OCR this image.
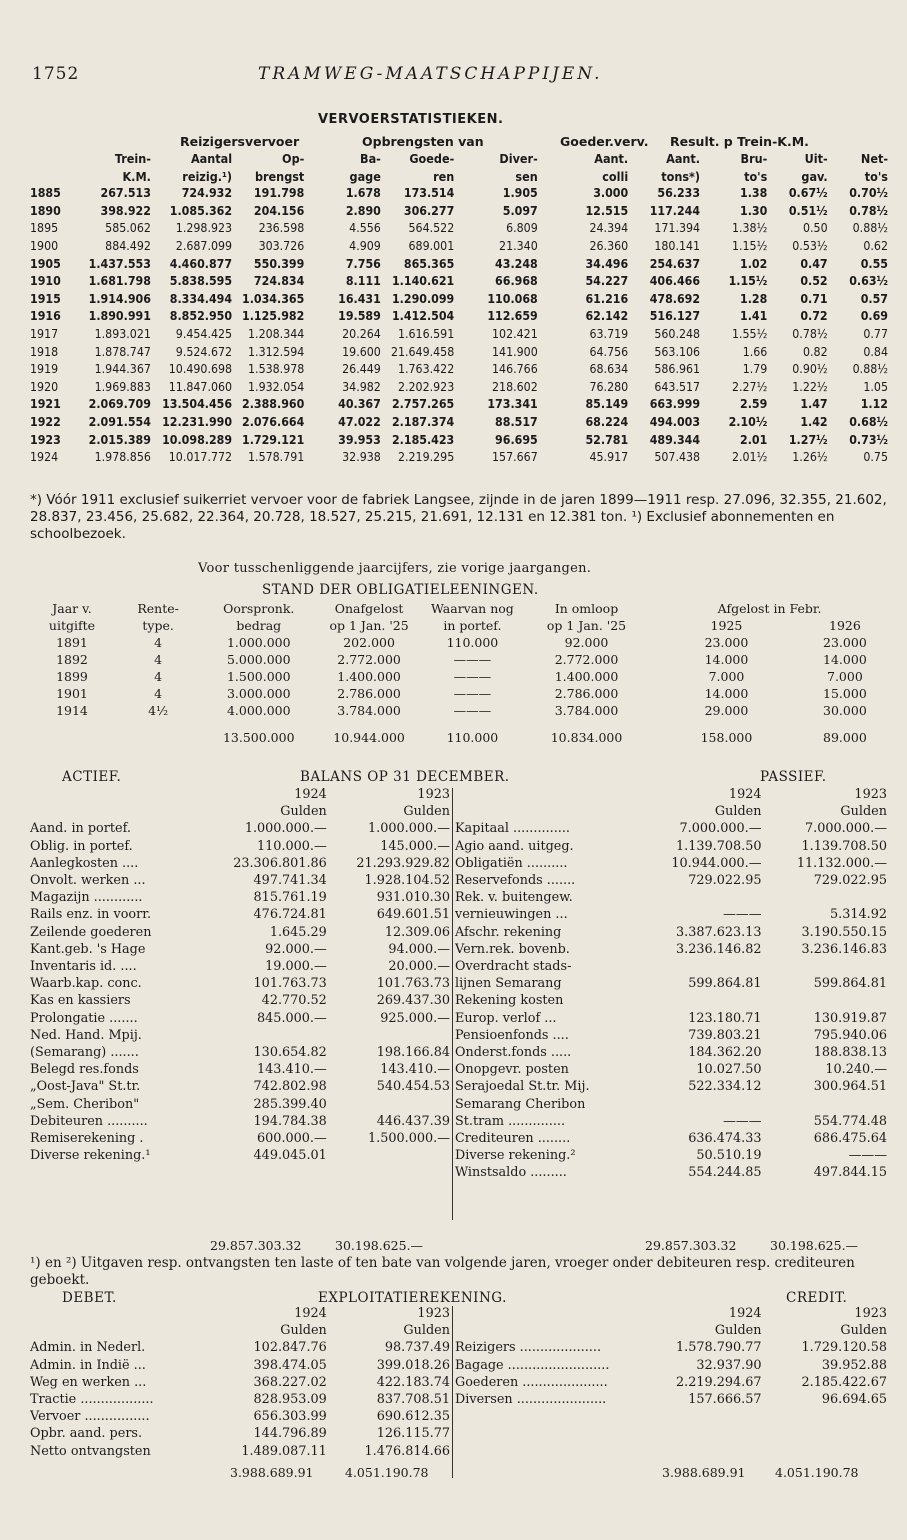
1752	TRAMWEG-MAATSCHAPPIJEN.
VERVOERSTATISTIEKEN.
Reizigersvervoer	Opbrengsten van	Goeder.verv. Result. p Trein-K.M.
	Trein-	Aantal	Op-	Ba-	Goede-	Diver-	Aant.	Aant.	Bru-	Uit-	Net-
	K.M.	reizig.¹)	brengst	gage	ren	sen	colli	tons*)	to's	gav.	to's
1885	267.513	724.932	191.798	1.678	173.514	1.905	3.000	56.233	1.38	0.67½	0.70½
1890	398.922	1.085.362	204.156	2.890	306.277	5.097	12.515	117.244	1.30	0.51½	0.78½
1895	585.062	1.298.923	236.598	4.556	564.522	6.809	24.394	171.394	1.38½	0.50	0.88½
1900	884.492	2.687.099	303.726	4.909	689.001	21.340	26.360	180.141	1.15½	0.53½	0.62
1905	1.437.553	4.460.877	550.399	7.756	865.365	43.248	34.496	254.637	1.02	0.47	0.55
1910	1.681.798	5.838.595	724.834	8.111	1.140.621	66.968	54.227	406.466	1.15½	0.52	0.63½
1915	1.914.906	8.334.494	1.034.365	16.431	1.290.099	110.068	61.216	478.692	1.28	0.71	0.57
1916	1.890.991	8.852.950	1.125.982	19.589	1.412.504	112.659	62.142	516.127	1.41	0.72	0.69
1917	1.893.021	9.454.425	1.208.344	20.264	1.616.591	102.421	63.719	560.248	1.55½	0.78½	0.77
1918	1.878.747	9.524.672	1.312.594	19.600	21.649.458	141.900	64.756	563.106	1.66	0.82	0.84
1919	1.944.367	10.490.698	1.538.978	26.449	1.763.422	146.766	68.634	586.961	1.79	0.90½	0.88½
1920	1.969.883	11.847.060	1.932.054	34.982	2.202.923	218.602	76.280	643.517	2.27½	1.22½	1.05
1921	2.069.709	13.504.456	2.388.960	40.367	2.757.265	173.341	85.149	663.999	2.59	1.47	1.12
1922	2.091.554	12.231.990	2.076.664	47.022	2.187.374	88.517	68.224	494.003	2.10½	1.42	0.68½
1923	2.015.389	10.098.289	1.729.121	39.953	2.185.423	96.695	52.781	489.344	2.01	1.27½	0.73½
1924	1.978.856	10.017.772	1.578.791	32.938	2.219.295	157.667	45.917	507.438	2.01½	1.26½	0.75
*) Vóór 1911 exclusief suikerriet vervoer voor de fabriek Langsee, zijnde in de jaren 1899—1911 resp. 27.096, 32.355, 21.602, 28.837, 23.456, 25.682, 22.364, 20.728, 18.527, 25.215, 21.691, 12.131 en 12.381 ton. ¹) Exclusief abonnementen en schoolbezoek.
Voor tusschenliggende jaarcijfers, zie vorige jaargangen.
STAND DER OBLIGATIELEENINGEN.
Jaar v.	Rente-	Oorspronk.	Onafgelost	Waarvan nog	In omloop	Afgelost in Febr.	
uitgifte	type.	bedrag	op 1 Jan. '25	in portef.	op 1 Jan. '25	1925	1926
1891	4	1.000.000	202.000	110.000	92.000	23.000	23.000
1892	4	5.000.000	2.772.000	———	2.772.000	14.000	14.000
1899	4	1.500.000	1.400.000	———	1.400.000	7.000	7.000
1901	4	3.000.000	2.786.000	———	2.786.000	14.000	15.000
1914	4½	4.000.000	3.784.000	———	3.784.000	29.000	30.000

		13.500.000	10.944.000	110.000	10.834.000	158.000	89.000
ACTIEF.	BALANS OP 31 DECEMBER.	PASSIEF.
	1924	1923
	Gulden	Gulden
Aand. in portef.	1.000.000.—	1.000.000.—
Oblig. in portef.	110.000.—	145.000.—
Aanlegkosten ....	23.306.801.86	21.293.929.82
Onvolt. werken ...	497.741.34	1.928.104.52
Magazijn ............	815.761.19	931.010.30
Rails enz. in voorr.	476.724.81	649.601.51
Zeilende goederen	1.645.29	12.309.06
Kant.geb. 's Hage	92.000.—	94.000.—
Inventaris id. ....	19.000.—	20.000.—
Waarb.kap. conc.	101.763.73	101.763.73
Kas en kassiers	42.770.52	269.437.30
Prolongatie .......	845.000.—	925.000.—
Ned. Hand. Mpij.		
(Semarang) .......	130.654.82	198.166.84
Belegd res.fonds	143.410.—	143.410.—
„Oost-Java" St.tr.	742.802.98	540.454.53
„Sem. Cheribon"	285.399.40	
Debiteuren ..........	194.784.38	446.437.39
Remiserekening .	600.000.—	1.500.000.—
Diverse rekening.¹	449.045.01	
	1924	1923
	Gulden	Gulden
Kapitaal ..............	7.000.000.—	7.000.000.—
Agio aand. uitgeg.	1.139.708.50	1.139.708.50
Obligatiën ..........	10.944.000.—	11.132.000.—
Reservefonds .......	729.022.95	729.022.95
Rek. v. buitengew.		
vernieuwingen ...	———	5.314.92
Afschr. rekening	3.387.623.13	3.190.550.15
Vern.rek. bovenb.	3.236.146.82	3.236.146.83
Overdracht stads-		
lijnen Semarang	599.864.81	599.864.81
Rekening kosten		
Europ. verlof ...	123.180.71	130.919.87
Pensioenfonds ....	739.803.21	795.940.06
Onderst.fonds .....	184.362.20	188.838.13
Onopgevr. posten	10.027.50	10.240.—
Serajoedal St.tr. Mij.	522.334.12	300.964.51
Semarang Cheribon		
St.tram ..............	———	554.774.48
Crediteuren ........	636.474.33	686.475.64
Diverse rekening.²	50.510.19	———
Winstsaldo .........	554.244.85	497.844.15
29.857.303.32	30.198.625.—	29.857.303.32	30.198.625.—
¹) en ²) Uitgaven resp. ontvangsten ten laste of ten bate van volgende jaren, vroeger onder debiteuren resp. crediteuren geboekt.
DEBET.	EXPLOITATIEREKENING.	CREDIT.
	1924	1923
	Gulden	Gulden
Admin. in Nederl.	102.847.76	98.737.49
Admin. in Indië ...	398.474.05	399.018.26
Weg en werken ...	368.227.02	422.183.74
Tractie ..................	828.953.09	837.708.51
Vervoer ................	656.303.99	690.612.35
Opbr. aand. pers.	144.796.89	126.115.77
Netto ontvangsten	1.489.087.11	1.476.814.66
	1924	1923
	Gulden	Gulden
Reizigers ....................	1.578.790.77	1.729.120.58
Bagage .........................	32.937.90	39.952.88
Goederen .....................	2.219.294.67	2.185.422.67
Diversen ......................	157.666.57	96.694.65
3.988.689.91	4.051.190.78	3.988.689.91 4.051.190.78
